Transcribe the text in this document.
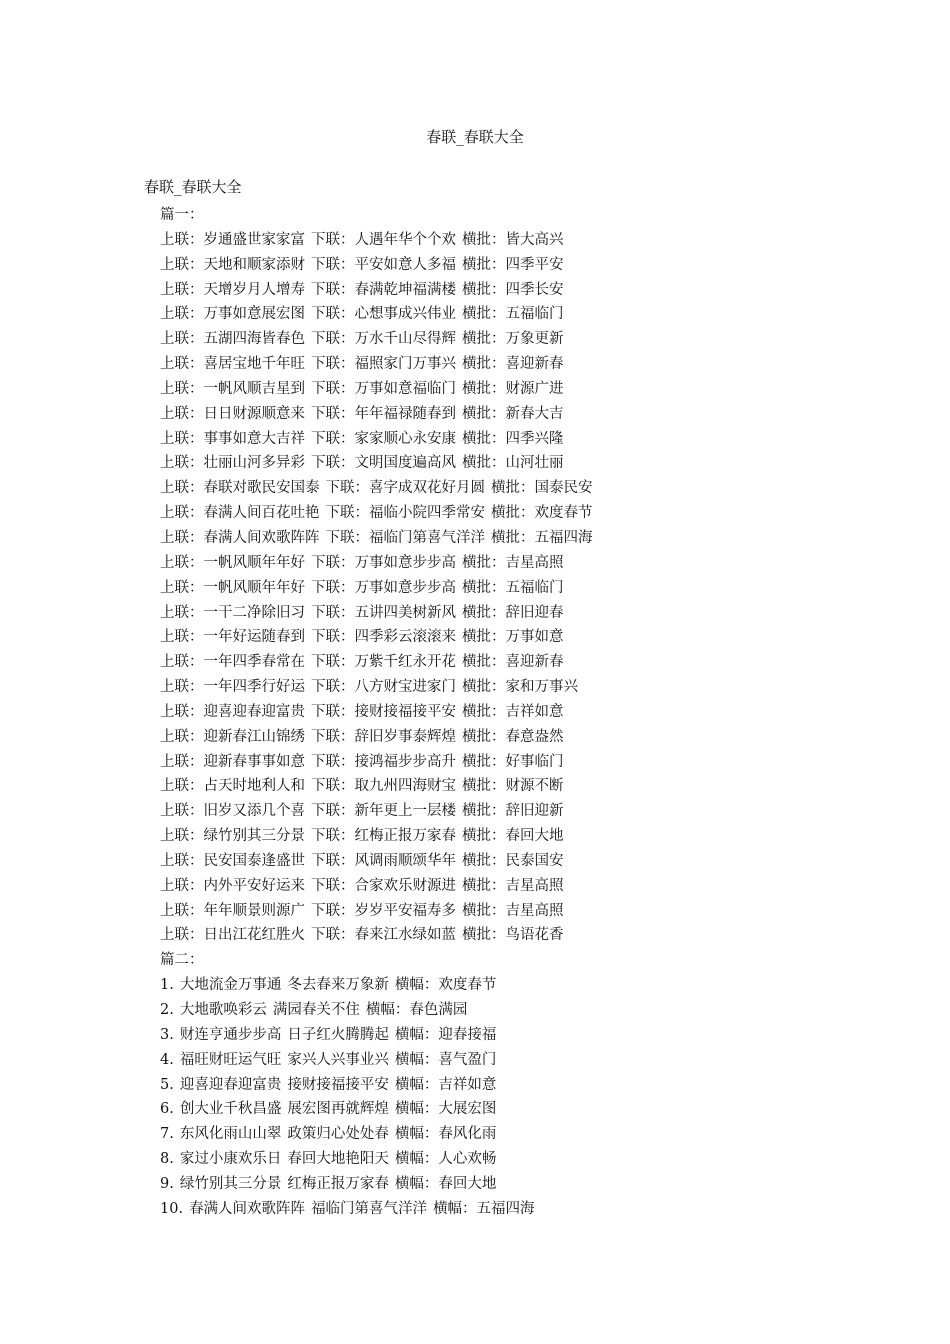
春联_春联大全
春联_春联大全
篇一：
上联：岁通盛世家家富 下联：人遇年华个个欢 横批：皆大高兴
上联：天地和顺家添财 下联：平安如意人多福 横批：四季平安
上联：天增岁月人增寿 下联：春满乾坤福满楼 横批：四季长安
上联：万事如意展宏图 下联：心想事成兴伟业 横批：五福临门
上联：五湖四海皆春色 下联：万水千山尽得辉 横批：万象更新
上联：喜居宝地千年旺 下联：福照家门万事兴 横批：喜迎新春
上联：一帆风顺吉星到 下联：万事如意福临门 横批：财源广进
上联：日日财源顺意来 下联：年年福禄随春到 横批：新春大吉
上联：事事如意大吉祥 下联：家家顺心永安康 横批：四季兴隆
上联：壮丽山河多异彩 下联：文明国度遍高风 横批：山河壮丽
上联：春联对歌民安国泰 下联：喜字成双花好月圆 横批：国泰民安
上联：春满人间百花吐艳 下联：福临小院四季常安 横批：欢度春节
上联：春满人间欢歌阵阵 下联：福临门第喜气洋洋 横批：五福四海
上联：一帆风顺年年好 下联：万事如意步步高 横批：吉星高照
上联：一帆风顺年年好 下联：万事如意步步高 横批：五福临门
上联：一干二净除旧习 下联：五讲四美树新风 横批：辞旧迎春
上联：一年好运随春到 下联：四季彩云滚滚来 横批：万事如意
上联：一年四季春常在 下联：万紫千红永开花 横批：喜迎新春
上联：一年四季行好运 下联：八方财宝进家门 横批：家和万事兴
上联：迎喜迎春迎富贵 下联：接财接福接平安 横批：吉祥如意
上联：迎新春江山锦绣 下联：辞旧岁事泰辉煌 横批：春意盎然
上联：迎新春事事如意 下联：接鸿福步步高升 横批：好事临门
上联：占天时地利人和 下联：取九州四海财宝 横批：财源不断
上联：旧岁又添几个喜 下联：新年更上一层楼 横批：辞旧迎新
上联：绿竹别其三分景 下联：红梅正报万家春 横批：春回大地
上联：民安国泰逢盛世 下联：风调雨顺颂华年 横批：民泰国安
上联：内外平安好运来 下联：合家欢乐财源进 横批：吉星高照
上联：年年顺景则源广 下联：岁岁平安福寿多 横批：吉星高照
上联：日出江花红胜火 下联：春来江水绿如蓝 横批：鸟语花香
篇二：
1. 大地流金万事通 冬去春来万象新 横幅：欢度春节
2. 大地歌唤彩云 满园春关不住 横幅：春色满园
3. 财连亨通步步高 日子红火腾腾起 横幅：迎春接福
4. 福旺财旺运气旺 家兴人兴事业兴 横幅：喜气盈门
5. 迎喜迎春迎富贵 接财接福接平安 横幅：吉祥如意
6. 创大业千秋昌盛 展宏图再就辉煌 横幅：大展宏图
7. 东风化雨山山翠 政策归心处处春 横幅：春风化雨
8. 家过小康欢乐日 春回大地艳阳天 横幅：人心欢畅
9. 绿竹别其三分景 红梅正报万家春 横幅：春回大地
10. 春满人间欢歌阵阵 福临门第喜气洋洋 横幅：五福四海
